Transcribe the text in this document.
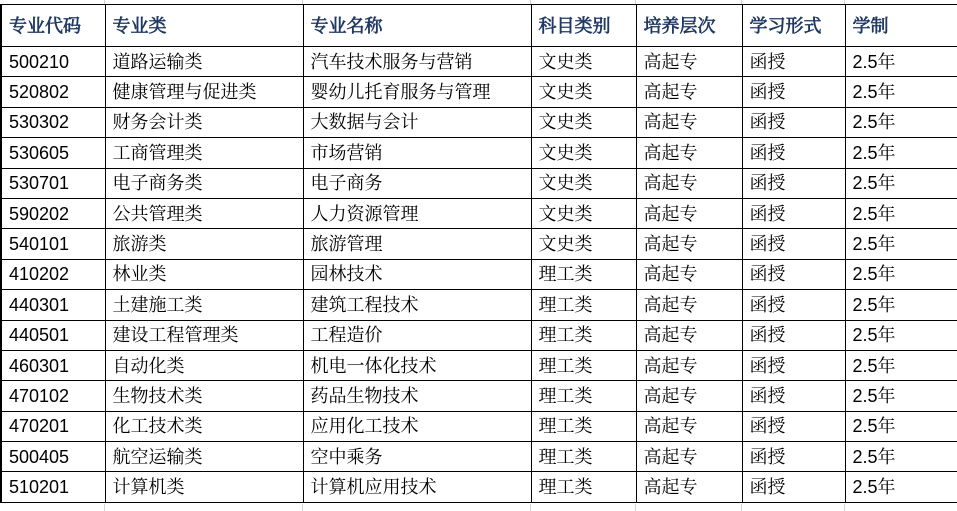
专业代码	专业类	专业名称	科目类别	培养层次	学习形式	学制
500210	道路运输类	汽车技术服务与营销	文史类	高起专	函授	2.5年
520802	健康管理与促进类	婴幼儿托育服务与管理	文史类	高起专	函授	2.5年
530302	财务会计类	大数据与会计	文史类	高起专	函授	2.5年
530605	工商管理类	市场营销	文史类	高起专	函授	2.5年
530701	电子商务类	电子商务	文史类	高起专	函授	2.5年
590202	公共管理类	人力资源管理	文史类	高起专	函授	2.5年
540101	旅游类	旅游管理	文史类	高起专	函授	2.5年
410202	林业类	园林技术	理工类	高起专	函授	2.5年
440301	土建施工类	建筑工程技术	理工类	高起专	函授	2.5年
440501	建设工程管理类	工程造价	理工类	高起专	函授	2.5年
460301	自动化类	机电一体化技术	理工类	高起专	函授	2.5年
470102	生物技术类	药品生物技术	理工类	高起专	函授	2.5年
470201	化工技术类	应用化工技术	理工类	高起专	函授	2.5年
500405	航空运输类	空中乘务	理工类	高起专	函授	2.5年
510201	计算机类	计算机应用技术	理工类	高起专	函授	2.5年
